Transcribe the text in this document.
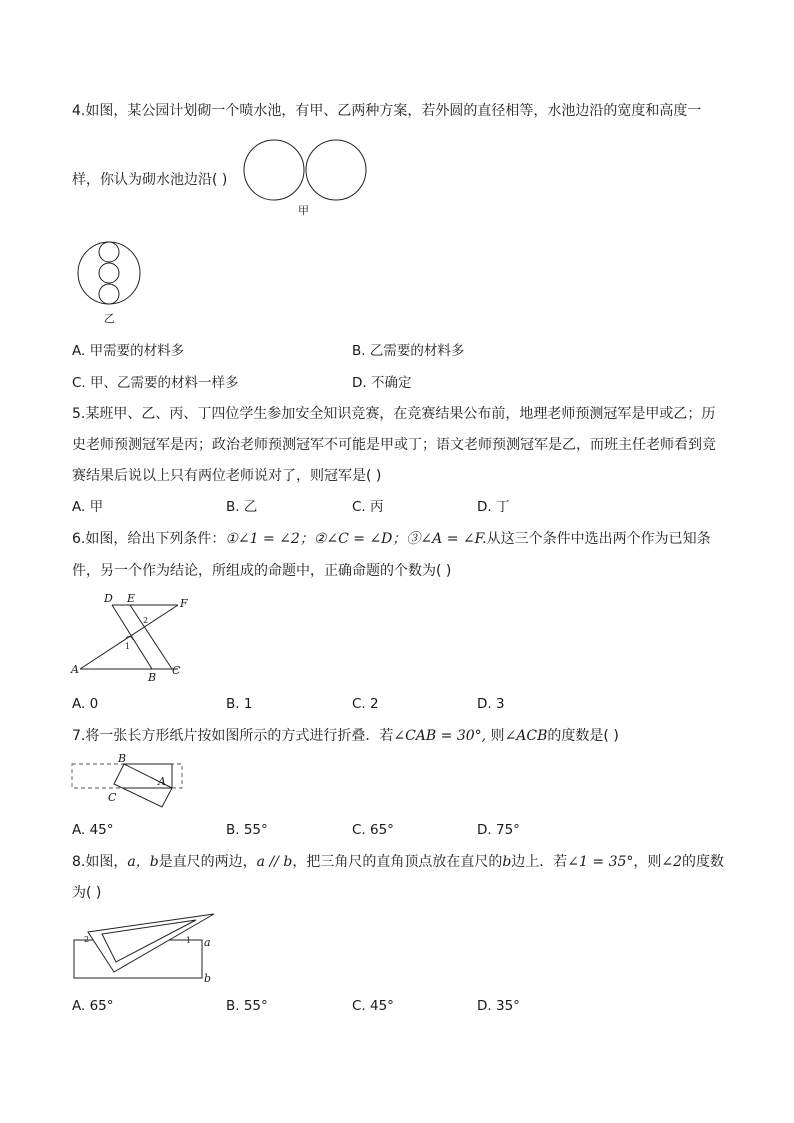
4.如图，某公园计划砌一个喷水池，有甲、乙两种方案，若外圆的直径相等，水池边沿的宽度和高度一
样，你认为砌水池边沿( )
甲
乙
A. 甲需要的材料多	B. 乙需要的材料多
C. 甲、乙需要的材料一样多	D. 不确定
5.某班甲、乙、丙、丁四位学生参加安全知识竞赛，在竞赛结果公布前，地理老师预测冠军是甲或乙；历
史老师预测冠军是丙；政治老师预测冠军不可能是甲或丁；语文老师预测冠军是乙，而班主任老师看到竞
赛结果后说以上只有两位老师说对了，则冠军是( )
A. 甲	B. 乙	C. 丙	D. 丁
6.如图，给出下列条件：①∠1 = ∠2；②∠C = ∠D；③∠A = ∠F.从这三个条件中选出两个作为已知条
件，另一个作为结论，所组成的命题中，正确命题的个数为( )
D E	F
A
B
C
1
2
A. 0	B. 1	C. 2	D. 3
7.将一张长方形纸片按如图所示的方式进行折叠．若∠CAB = 30°, 则∠ACB的度数是( )
B
A
C
A. 45°	B. 55°	C. 65°	D. 75°
8.如图，a，b是直尺的两边，a // b，把三角尺的直角顶点放在直尺的b边上．若∠1 = 35°，则∠2的度数
为( )
a
b
1
2
A. 65°	B. 55°	C. 45°	D. 35°
